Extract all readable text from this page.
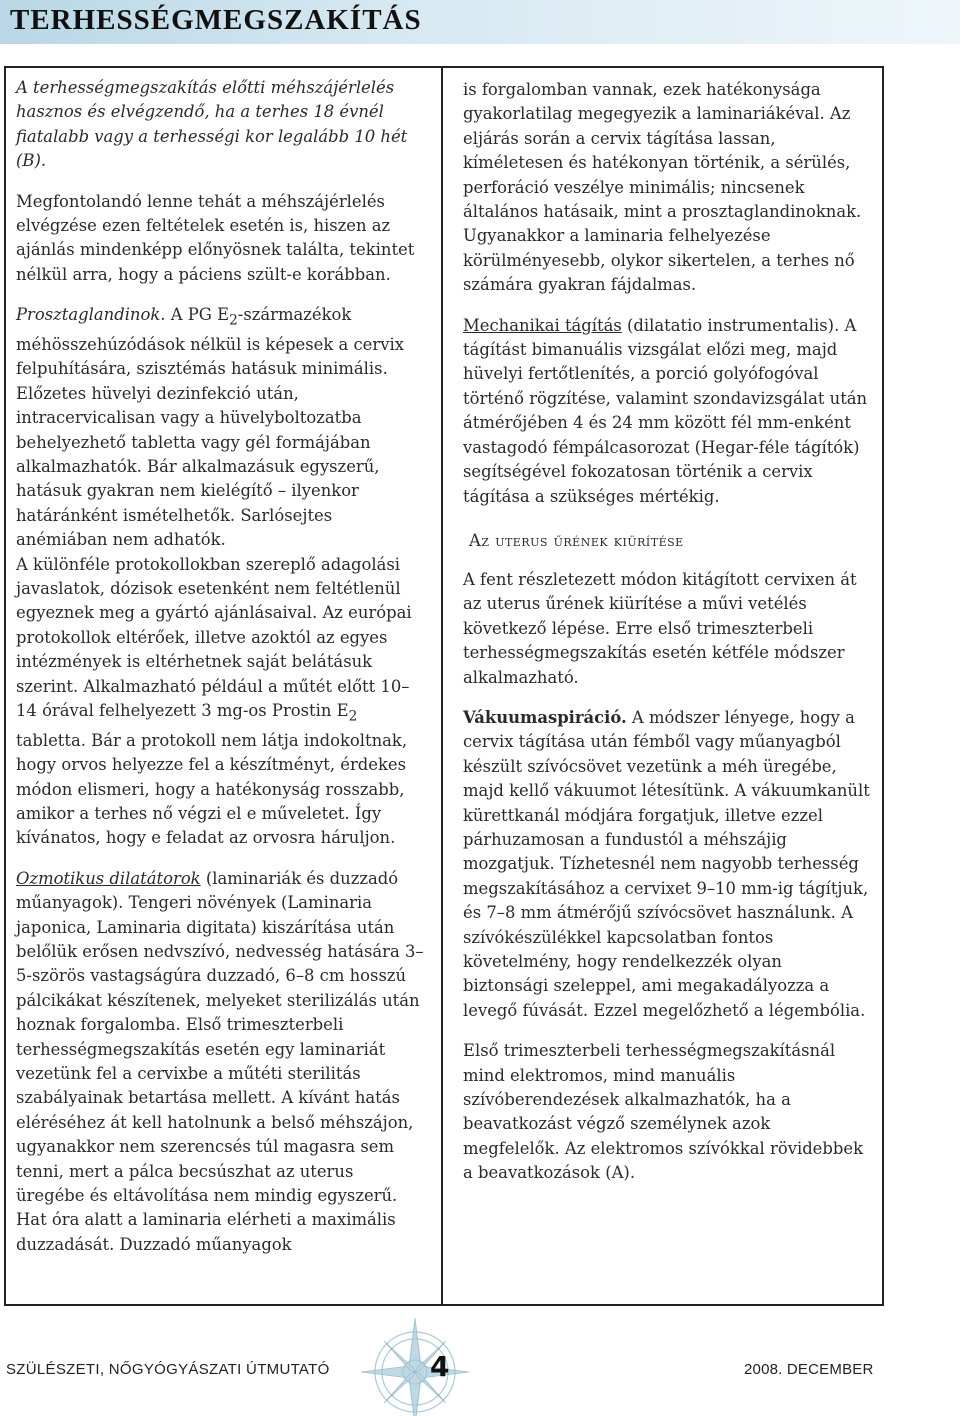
TERHESSÉGMEGSZAKÍTÁS

A terhességmegszakítás előtti méhszájérlelés hasznos és elvégzendő, ha a terhes 18 évnél fiatalabb vagy a terhességi kor legalább 10 hét (B).

Megfontolandó lenne tehát a méhszájérlelés elvégzése ezen feltételek esetén is, hiszen az ajánlás mindenképp előnyösnek találta, tekintet nélkül arra, hogy a páciens szült-e korábban.

Prosztaglandinok. A PG $E_2$-származékok méhösszehúzódások nélkül is képesek a cervix felpuhítására, szisztémás hatásuk minimális. Előzetes hüvelyi dezinfekció után, intracervicalisan vagy a hüvelyboltozatba behelyezhető tabletta vagy gél formájában alkalmazhatók. Bár alkalmazásuk egyszerű, hatásuk gyakran nem kielégítő – ilyenkor határánként ismételhetők. Sarlósejtes anémiában nem adhatók.

A különféle protokollokban szereplő adagolási javaslatok, dózisok esetenként nem feltétlenül egyeznek meg a gyártó ajánlásaival. Az európai protokollok eltérőek, illetve azoktól az egyes intézmények is eltérhetnek saját belátásuk szerint. Alkalmazható például a műtét előtt 10–14 órával felhelyezett 3 mg-os Prostin $E_2$ tabletta. Bár a protokoll nem látja indokoltnak, hogy orvos helyezze fel a készítményt, érdekes módon elismeri, hogy a hatékonyság rosszabb, amikor a terhes nő végzi el e műveletet. Így kívánatos, hogy e feladat az orvosra háruljon.

Ozmotikus dilatátorok (laminariák és duzzadó műanyagok). Tengeri növények (Laminaria japonica, Laminaria digitata) kiszárítása után belőlük erősen nedvszívó, nedvesség hatására 3–5-szörös vastagságúra duzzadó, 6–8 cm hosszú pálcikákat készítenek, melyeket sterilizálás után hoznak forgalomba. Első trimeszterbeli terhességmegszakítás esetén egy laminariát vezetünk fel a cervixbe a műtéti sterilitás szabályainak betartása mellett. A kívánt hatás eléréséhez át kell hatolnunk a belső méhszájon, ugyanakkor nem szerencsés túl magasra sem tenni, mert a pálca becsúszhat az uterus üregébe és eltávolítása nem mindig egyszerű. Hat óra alatt a laminaria elérheti a maximális duzzadását. Duzzadó műanyagok

is forgalomban vannak, ezek hatékonysága gyakorlatilag megegyezik a laminariákéval. Az eljárás során a cervix tágítása lassan, kíméletesen és hatékonyan történik, a sérülés, perforáció veszélye minimális; nincsenek általános hatásaik, mint a prosztaglandinoknak. Ugyanakkor a laminaria felhelyezése körülményesebb, olykor sikertelen, a terhes nő számára gyakran fájdalmas.

Mechanikai tágítás (dilatatio instrumentalis). A tágítást bimanuális vizsgálat előzi meg, majd hüvelyi fertőtlenítés, a porció golyófogóval történő rögzítése, valamint szondavizsgálat után átmérőjében 4 és 24 mm között fél mm-enként vastagodó fémpálcasorozat (Hegar-féle tágítók) segítségével fokozatosan történik a cervix tágítása a szükséges mértékig.

Az uterus űrének kiürítése

A fent részletezett módon kitágított cervixen át az uterus űrének kiürítése a művi vetélés következő lépése. Erre első trimeszterbeli terhességmegszakítás esetén kétféle módszer alkalmazható.

Vákuumaspiráció. A módszer lényege, hogy a cervix tágítása után fémből vagy műanyagból készült szívócsövet vezetünk a méh üregébe, majd kellő vákuumot létesítünk. A vákuumkanült kürettkanál módjára forgatjuk, illetve ezzel párhuzamosan a fundustól a méhszájig mozgatjuk. Tízhetesnél nem nagyobb terhesség megszakításához a cervixet 9–10 mm-ig tágítjuk, és 7–8 mm átmérőjű szívócsövet használunk. A szívókészülékkel kapcsolatban fontos követelmény, hogy rendelkezzék olyan biztonsági szeleppel, ami megakadályozza a levegő fúvását. Ezzel megelőzhető a légembólia.

Első trimeszterbeli terhességmegszakításnál mind elektromos, mind manuális szívóberendezések alkalmazhatók, ha a beavatkozást végző személynek azok megfelelők. Az elektromos szívókkal rövidebbek a beavatkozások (A).

SZÜLÉSZETI, NŐGYÓGYÁSZATI ÚTMUTATÓ	4	2008. DECEMBER
